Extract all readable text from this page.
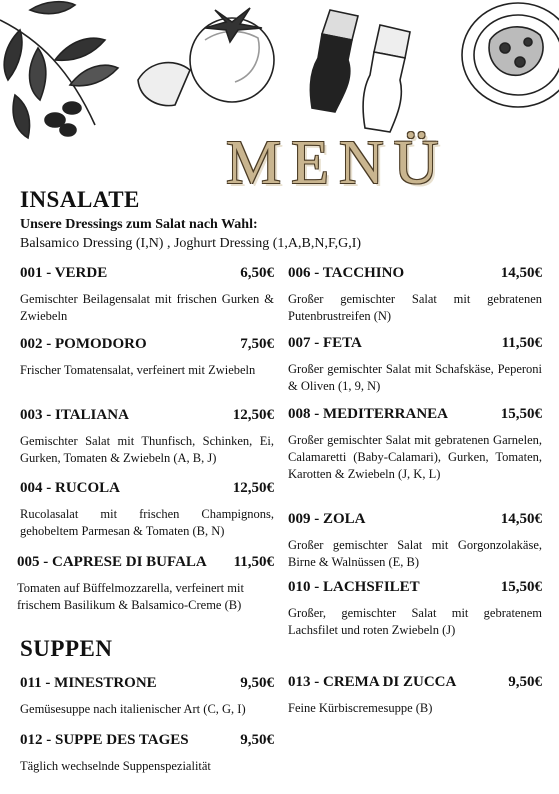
MENÜ
INSALATE
Unsere Dressings zum Salat nach Wahl:
Balsamico Dressing (I,N) , Joghurt Dressing (1,A,B,N,F,G,I)
001 - VERDE	6,50€
Gemischter Beilagensalat mit frischen Gurken & Zwiebeln
002 - POMODORO	7,50€
Frischer Tomatensalat, verfeinert mit Zwiebeln
003 - ITALIANA	12,50€
Gemischter Salat mit Thunfisch, Schinken, Ei, Gurken, Tomaten & Zwiebeln (A, B, J)
004 - RUCOLA	12,50€
Rucolasalat mit frischen Champignons, gehobeltem Parmesan & Tomaten (B, N)
005 - CAPRESE DI BUFALA 11,50€
Tomaten auf Büffelmozzarella, verfeinert mit frischem Basilikum & Balsamico-Creme (B)
006 - TACCHINO	14,50€
Großer gemischter Salat mit gebratenen Putenbrustreifen (N)
007 - FETA	11,50€
Großer gemischter Salat mit Schafskäse, Peperoni & Oliven (1, 9, N)
008 - MEDITERRANEA	15,50€
Großer gemischter Salat mit gebratenen Garnelen, Calamaretti (Baby-Calamari), Gurken, Tomaten, Karotten & Zwiebeln (J, K, L)
009 - ZOLA	14,50€
Großer gemischter Salat mit Gorgonzolakäse, Birne & Walnüssen (E, B)
010 - LACHSFILET	15,50€
Großer, gemischter Salat mit gebratenem Lachsfilet und roten Zwiebeln (J)
SUPPEN
011 - MINESTRONE	9,50€
Gemüsesuppe nach italienischer Art (C, G, I)
012 - SUPPE DES TAGES	9,50€
Täglich wechselnde Suppenspezialität
013 - CREMA DI ZUCCA	9,50€
Feine Kürbiscremesuppe (B)
